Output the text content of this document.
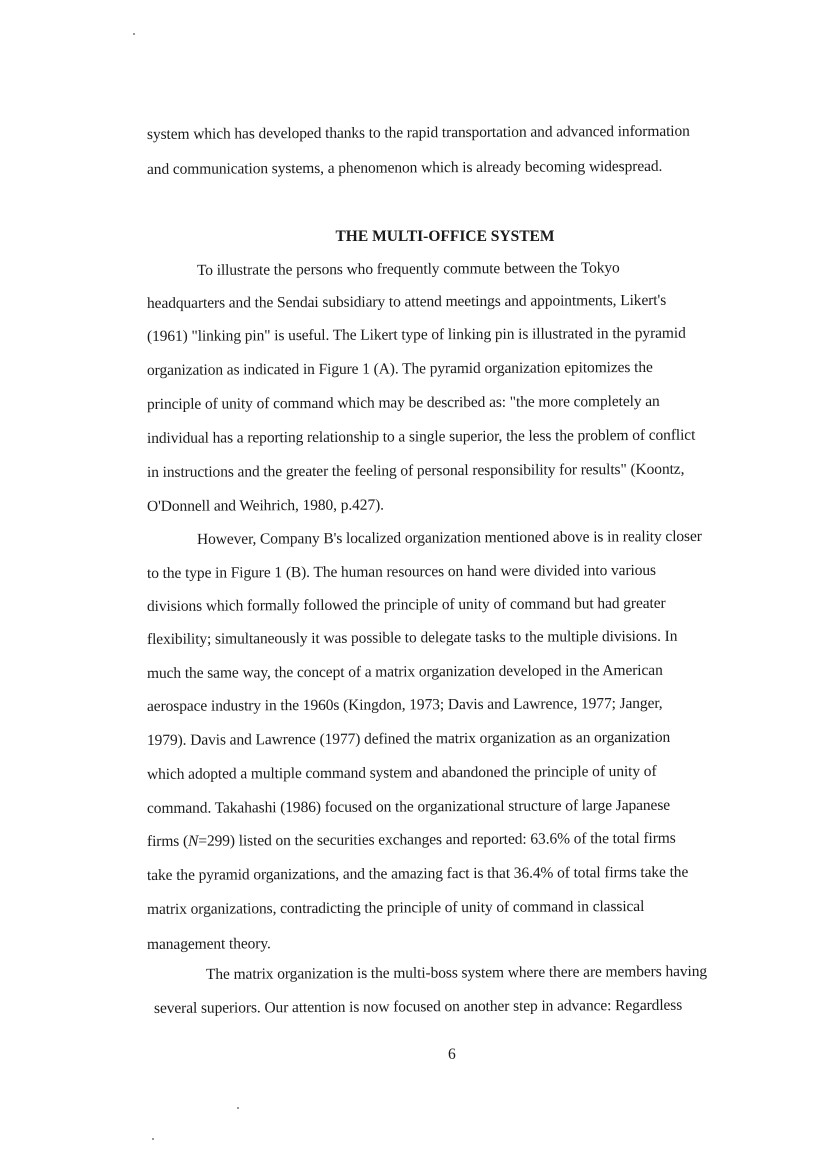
system which has developed thanks to the rapid transportation and advanced information
and communication systems, a phenomenon which is already becoming widespread.
THE MULTI-OFFICE SYSTEM
To illustrate the persons who frequently commute between the Tokyo
headquarters and the Sendai subsidiary to attend meetings and appointments, Likert's
(1961) "linking pin" is useful. The Likert type of linking pin is illustrated in the pyramid
organization as indicated in Figure 1 (A). The pyramid organization epitomizes the
principle of unity of command which may be described as: "the more completely an
individual has a reporting relationship to a single superior, the less the problem of conflict
in instructions and the greater the feeling of personal responsibility for results" (Koontz,
O'Donnell and Weihrich, 1980, p.427).
However, Company B's localized organization mentioned above is in reality closer
to the type in Figure 1 (B). The human resources on hand were divided into various
divisions which formally followed the principle of unity of command but had greater
flexibility; simultaneously it was possible to delegate tasks to the multiple divisions. In
much the same way, the concept of a matrix organization developed in the American
aerospace industry in the 1960s (Kingdon, 1973; Davis and Lawrence, 1977; Janger,
1979). Davis and Lawrence (1977) defined the matrix organization as an organization
which adopted a multiple command system and abandoned the principle of unity of
command. Takahashi (1986) focused on the organizational structure of large Japanese
firms (N=299) listed on the securities exchanges and reported: 63.6% of the total firms
take the pyramid organizations, and the amazing fact is that 36.4% of total firms take the
matrix organizations, contradicting the principle of unity of command in classical
management theory.
The matrix organization is the multi-boss system where there are members having
several superiors. Our attention is now focused on another step in advance: Regardless
6
